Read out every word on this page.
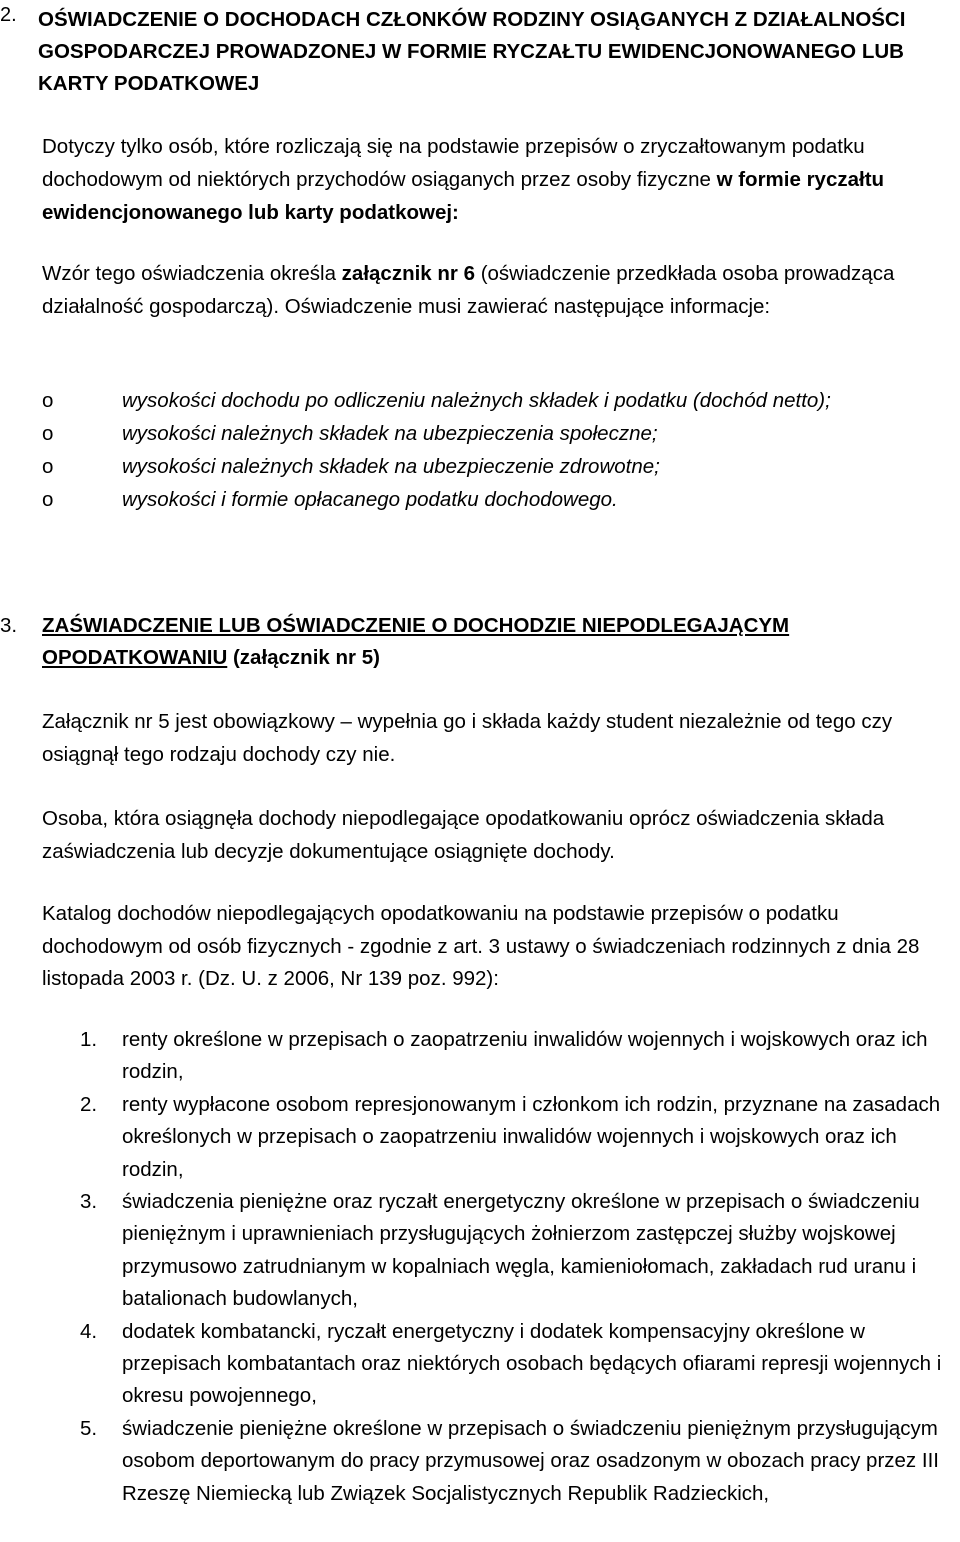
2. OŚWIADCZENIE O DOCHODACH CZŁONKÓW RODZINY OSIĄGANYCH Z DZIAŁALNOŚCI GOSPODARCZEJ PROWADZONEJ W FORMIE RYCZAŁTU EWIDENCJONOWANEGO LUB KARTY PODATKOWEJ
Dotyczy tylko osób, które rozliczają się na podstawie przepisów o zryczałtowanym podatku dochodowym od niektórych przychodów osiąganych przez osoby fizyczne w formie ryczałtu ewidencjonowanego lub karty podatkowej:
Wzór tego oświadczenia określa załącznik nr 6 (oświadczenie przedkłada osoba prowadząca działalność gospodarczą). Oświadczenie musi zawierać następujące informacje:
o	wysokości dochodu po odliczeniu należnych składek i podatku (dochód netto);
o	wysokości należnych składek na ubezpieczenia społeczne;
o	wysokości należnych składek na ubezpieczenie zdrowotne;
o	wysokości i formie opłacanego podatku dochodowego.
3. ZAŚWIADCZENIE LUB OŚWIADCZENIE O DOCHODZIE NIEPODLEGAJĄCYM OPODATKOWANIU (załącznik nr 5)
Załącznik nr 5 jest obowiązkowy – wypełnia go i składa każdy student niezależnie od tego czy osiągnął tego rodzaju dochody czy nie.
Osoba, która osiągnęła dochody niepodlegające opodatkowaniu oprócz oświadczenia składa zaświadczenia lub decyzje dokumentujące osiągnięte dochody.
Katalog dochodów niepodlegających opodatkowaniu na podstawie przepisów o podatku dochodowym od osób fizycznych - zgodnie z art. 3 ustawy o świadczeniach rodzinnych z dnia 28 listopada 2003 r. (Dz. U. z 2006, Nr 139 poz. 992):
1. renty określone w przepisach o zaopatrzeniu inwalidów wojennych i wojskowych oraz ich rodzin,
2. renty wypłacone osobom represjonowanym i członkom ich rodzin, przyznane na zasadach określonych w przepisach o zaopatrzeniu inwalidów wojennych i wojskowych oraz ich rodzin,
3. świadczenia pieniężne oraz ryczałt energetyczny określone w przepisach o świadczeniu pieniężnym i uprawnieniach przysługujących żołnierzom zastępczej służby wojskowej przymusowo zatrudnianym w kopalniach węgla, kamieniołomach, zakładach rud uranu i batalionach budowlanych,
4. dodatek kombatancki, ryczałt energetyczny i dodatek kompensacyjny określone w przepisach kombatantach oraz niektórych osobach będących ofiarami represji wojennych i okresu powojennego,
5. świadczenie pieniężne określone w przepisach o świadczeniu pieniężnym przysługującym osobom deportowanym do pracy przymusowej oraz osadzonym w obozach pracy przez III Rzeszę Niemiecką lub Związek Socjalistycznych Republik Radzieckich,
